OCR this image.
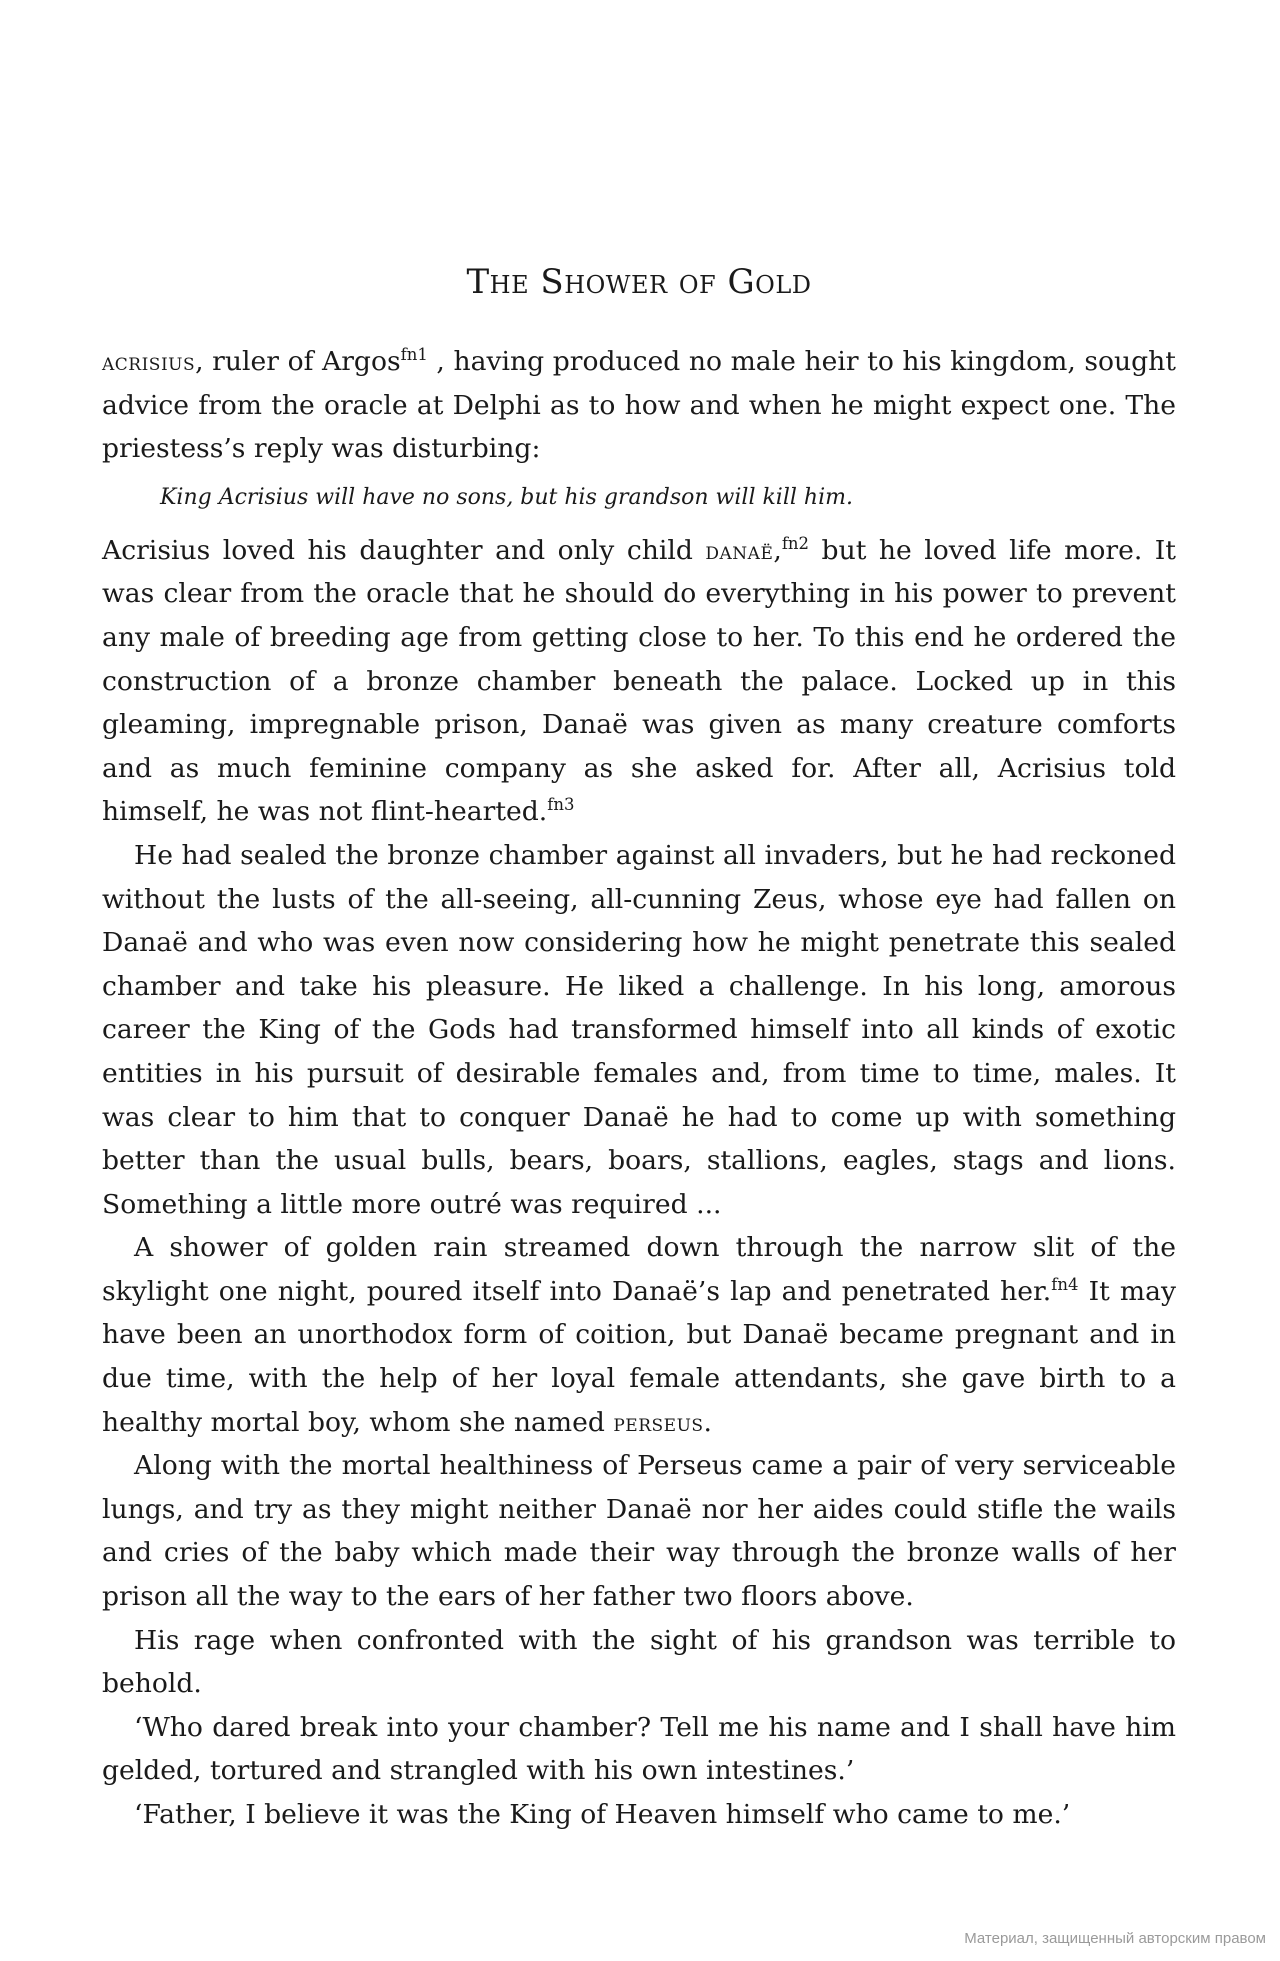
The Shower of Gold

acrisius, ruler of Argos$^{fn1}$ , having produced no male heir to his kingdom, sought advice from the oracle at Delphi as to how and when he might expect one. The priestess’s reply was disturbing:

King Acrisius will have no sons, but his grandson will kill him.

Acrisius loved his daughter and only child danaë,$^{fn2}$ but he loved life more. It was clear from the oracle that he should do everything in his power to prevent any male of breeding age from getting close to her. To this end he ordered the construction of a bronze chamber beneath the palace. Locked up in this gleaming, impregnable prison, Danaë was given as many creature comforts and as much feminine company as she asked for. After all, Acrisius told himself, he was not flint-hearted.$^{fn3}$

He had sealed the bronze chamber against all invaders, but he had reckoned without the lusts of the all-seeing, all-cunning Zeus, whose eye had fallen on Danaë and who was even now considering how he might penetrate this sealed chamber and take his pleasure. He liked a challenge. In his long, amorous career the King of the Gods had transformed himself into all kinds of exotic entities in his pursuit of desirable females and, from time to time, males. It was clear to him that to conquer Danaë he had to come up with something better than the usual bulls, bears, boars, stallions, eagles, stags and lions. Something a little more outré was required ...

A shower of golden rain streamed down through the narrow slit of the skylight one night, poured itself into Danaë’s lap and penetrated her.$^{fn4}$ It may have been an unorthodox form of coition, but Danaë became pregnant and in due time, with the help of her loyal female attendants, she gave birth to a healthy mortal boy, whom she named perseus.

Along with the mortal healthiness of Perseus came a pair of very serviceable lungs, and try as they might neither Danaë nor her aides could stifle the wails and cries of the baby which made their way through the bronze walls of her prison all the way to the ears of her father two floors above.

His rage when confronted with the sight of his grandson was terrible to behold.

‘Who dared break into your chamber? Tell me his name and I shall have him gelded, tortured and strangled with his own intestines.’

‘Father, I believe it was the King of Heaven himself who came to me.’

Материал, защищенный авторским правом
